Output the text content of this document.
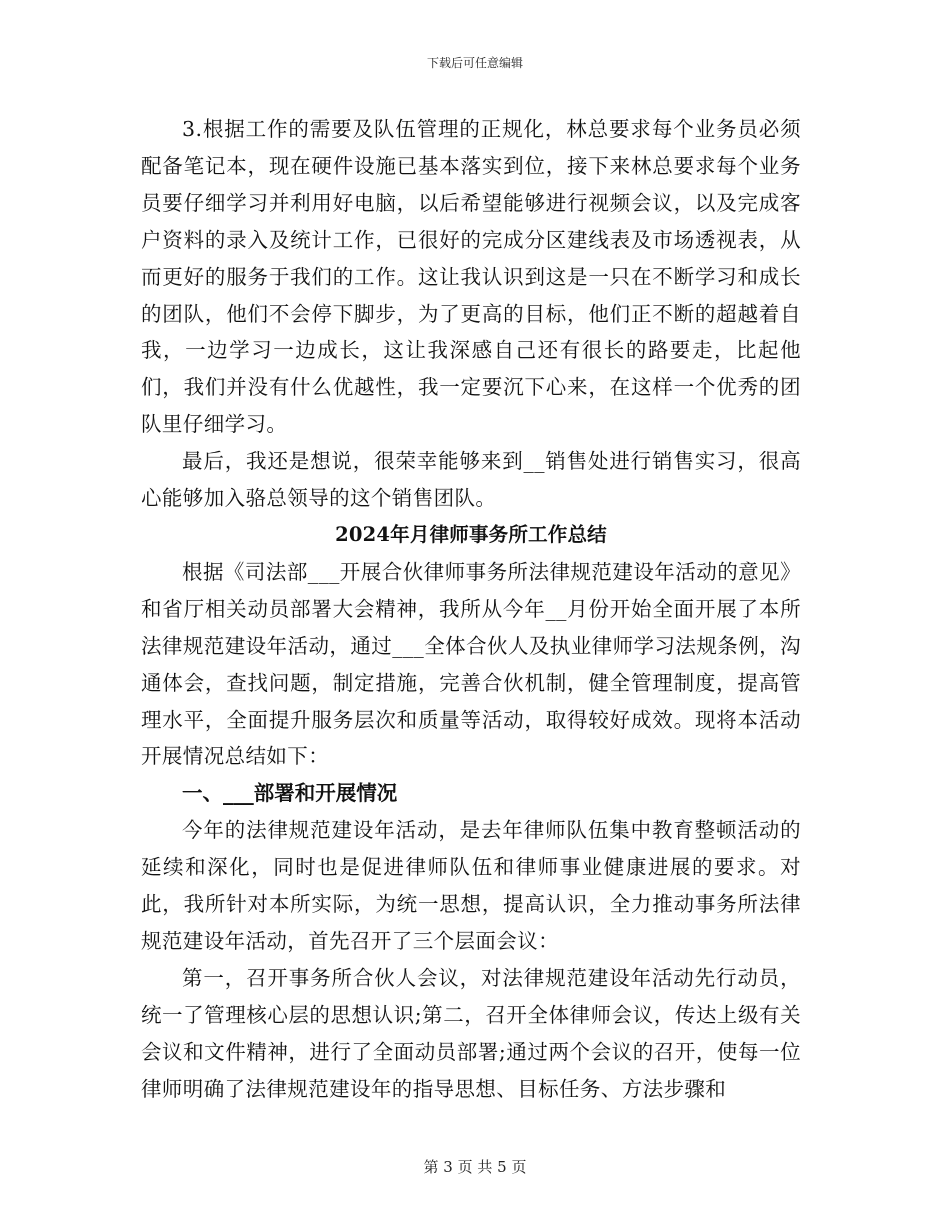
下载后可任意编辑

3.根据工作的需要及队伍管理的正规化，林总要求每个业务员必须配备笔记本，现在硬件设施已基本落实到位，接下来林总要求每个业务员要仔细学习并利用好电脑，以后希望能够进行视频会议，以及完成客户资料的录入及统计工作，已很好的完成分区建线表及市场透视表，从而更好的服务于我们的工作。这让我认识到这是一只在不断学习和成长的团队，他们不会停下脚步，为了更高的目标，他们正不断的超越着自我，一边学习一边成长，这让我深感自己还有很长的路要走，比起他们，我们并没有什么优越性，我一定要沉下心来，在这样一个优秀的团队里仔细学习。

最后，我还是想说，很荣幸能够来到__销售处进行销售实习，很高心能够加入骆总领导的这个销售团队。

2024年月律师事务所工作总结

根据《司法部___开展合伙律师事务所法律规范建设年活动的意见》和省厅相关动员部署大会精神，我所从今年__月份开始全面开展了本所法律规范建设年活动，通过___全体合伙人及执业律师学习法规条例，沟通体会，查找问题，制定措施，完善合伙机制，健全管理制度，提高管理水平，全面提升服务层次和质量等活动，取得较好成效。现将本活动开展情况总结如下：

一、___部署和开展情况

今年的法律规范建设年活动，是去年律师队伍集中教育整顿活动的延续和深化，同时也是促进律师队伍和律师事业健康进展的要求。对此，我所针对本所实际，为统一思想，提高认识，全力推动事务所法律规范建设年活动，首先召开了三个层面会议：

第一，召开事务所合伙人会议，对法律规范建设年活动先行动员，统一了管理核心层的思想认识;第二，召开全体律师会议，传达上级有关会议和文件精神，进行了全面动员部署;通过两个会议的召开，使每一位律师明确了法律规范建设年的指导思想、目标任务、方法步骤和

第 3 页 共 5 页
